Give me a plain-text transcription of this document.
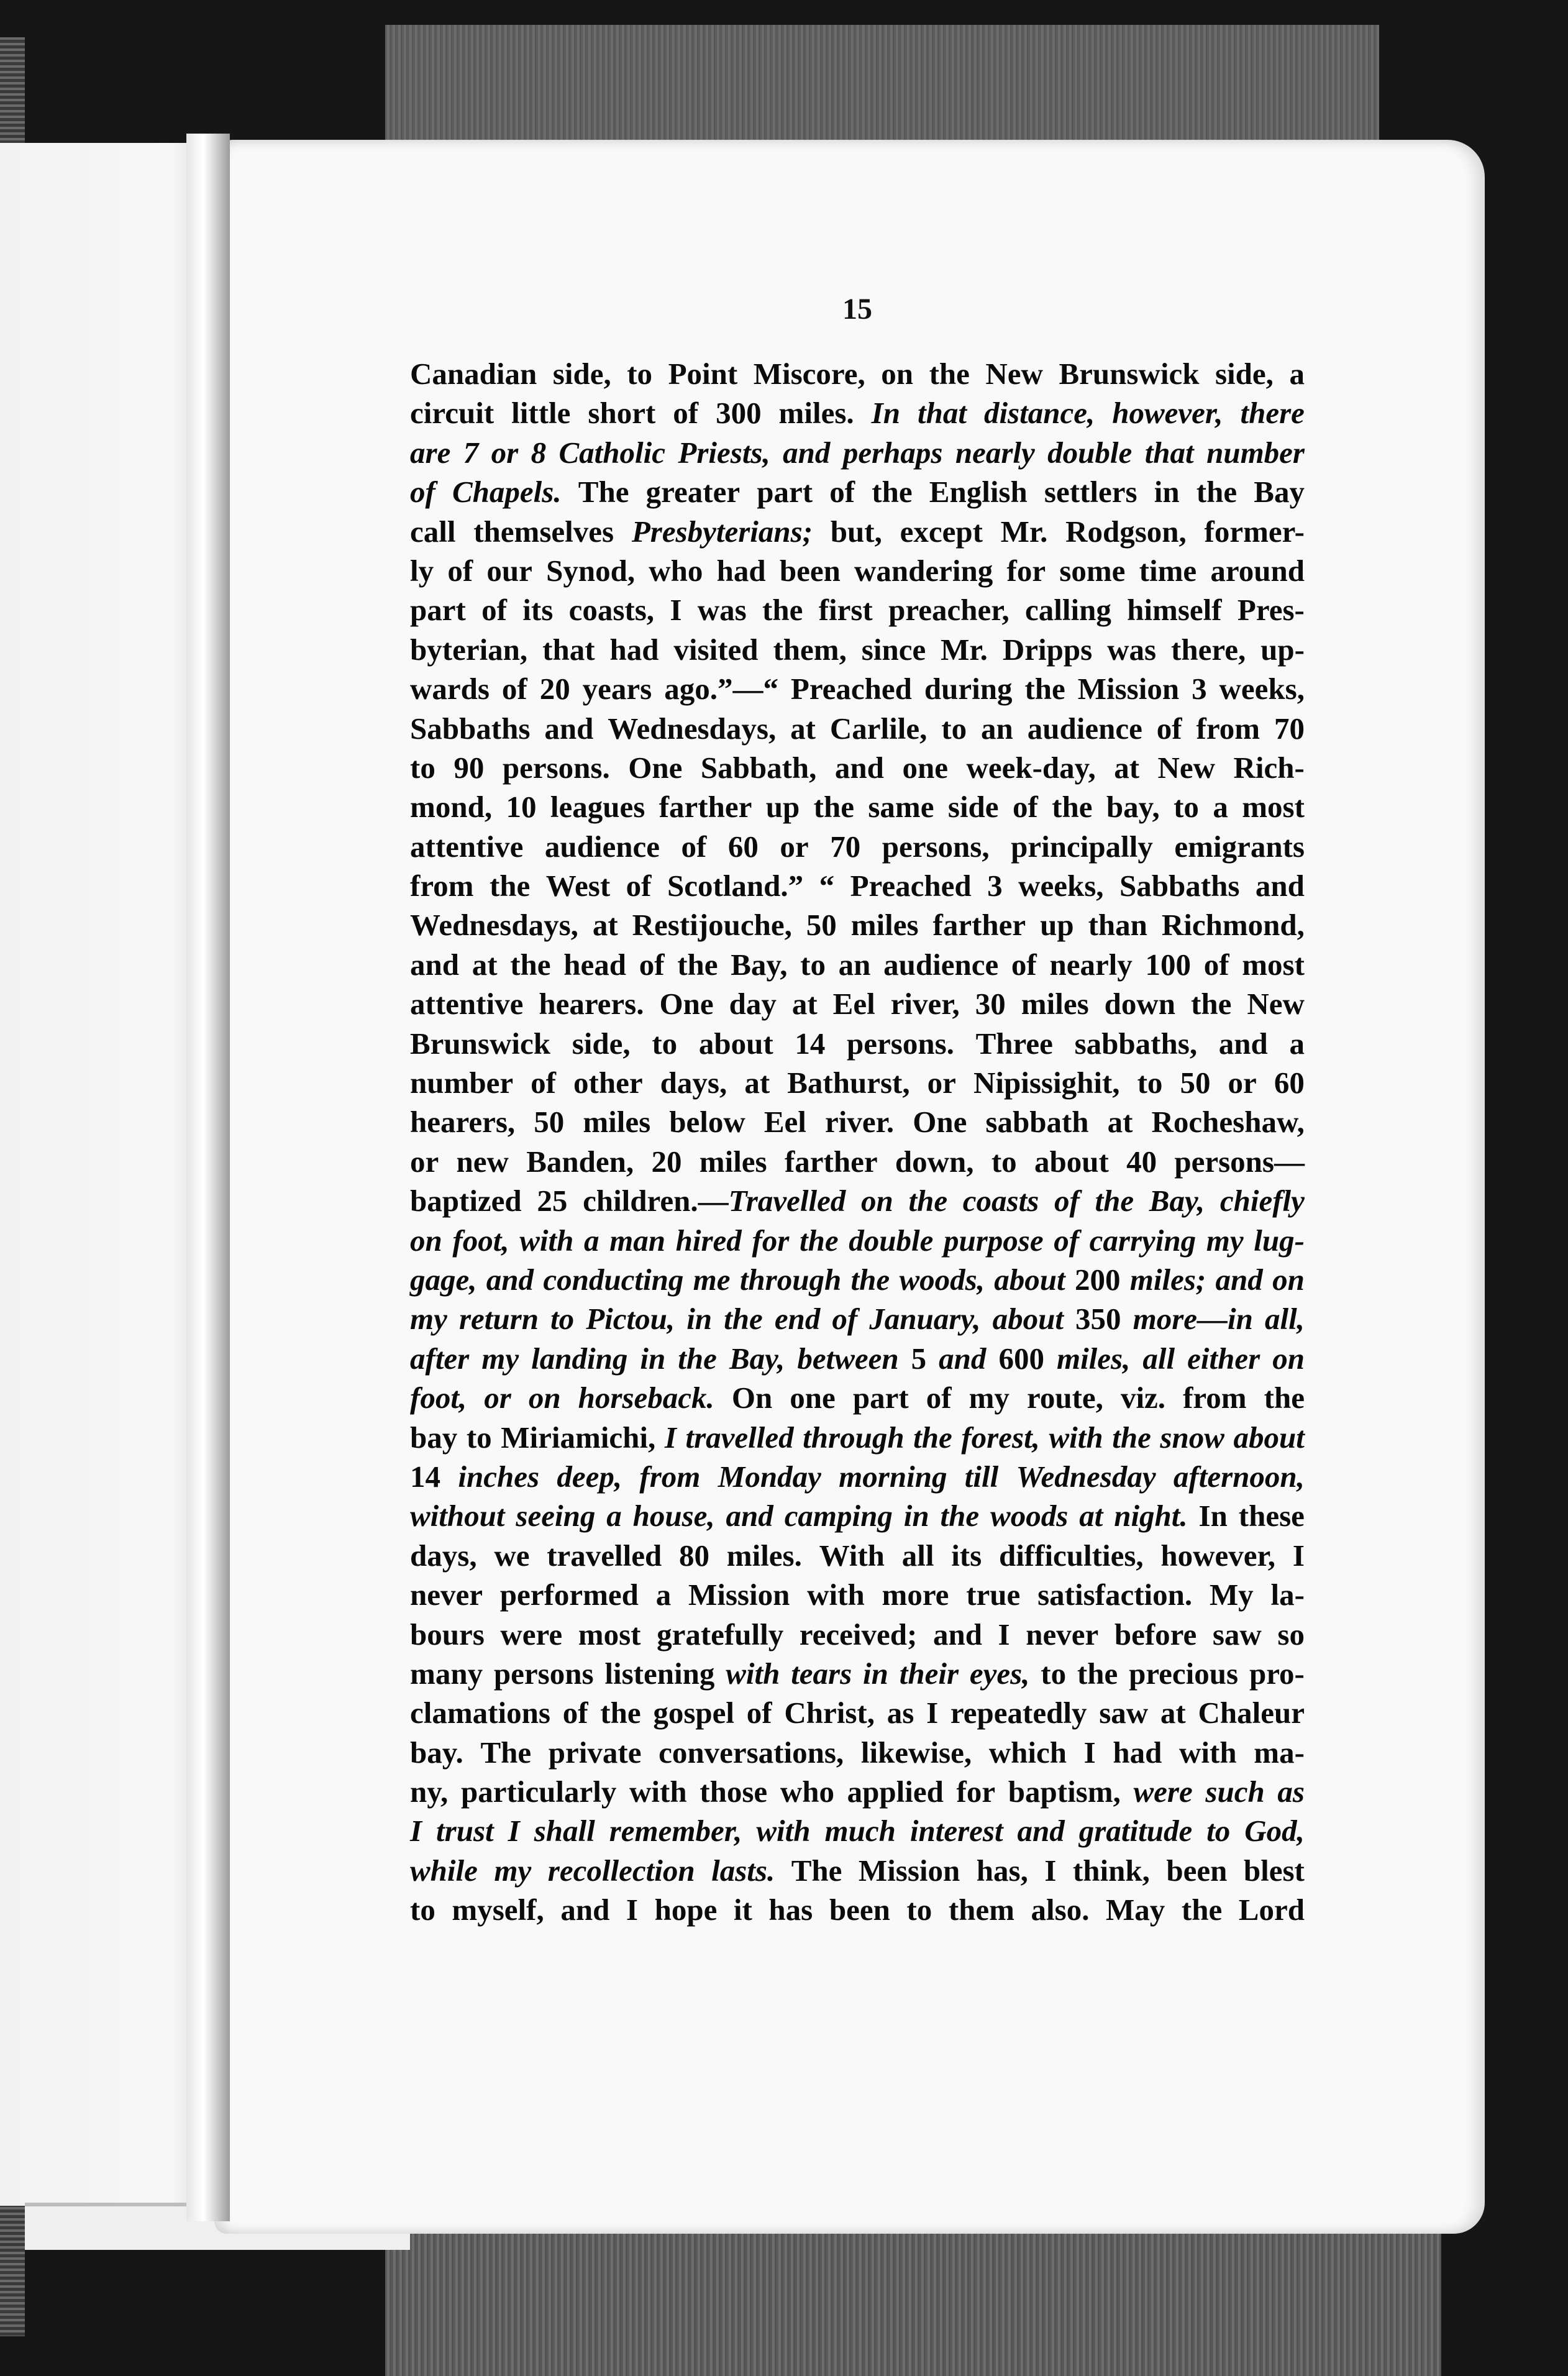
15
Canadian side, to Point Miscore, on the New Brunswick side, a
circuit little short of 300 miles. In that distance, however, there
are 7 or 8 Catholic Priests, and perhaps nearly double that number
of Chapels. The greater part of the English settlers in the Bay
call themselves Presbyterians; but, except Mr. Rodgson, former-
ly of our Synod, who had been wandering for some time around
part of its coasts, I was the first preacher, calling himself Pres-
byterian, that had visited them, since Mr. Dripps was there, up-
wards of 20 years ago.”—“ Preached during the Mission 3 weeks,
Sabbaths and Wednesdays, at Carlile, to an audience of from 70
to 90 persons. One Sabbath, and one week-day, at New Rich-
mond, 10 leagues farther up the same side of the bay, to a most
attentive audience of 60 or 70 persons, principally emigrants
from the West of Scotland.” “ Preached 3 weeks, Sabbaths and
Wednesdays, at Restijouche, 50 miles farther up than Richmond,
and at the head of the Bay, to an audience of nearly 100 of most
attentive hearers. One day at Eel river, 30 miles down the New
Brunswick side, to about 14 persons. Three sabbaths, and a
number of other days, at Bathurst, or Nipissighit, to 50 or 60
hearers, 50 miles below Eel river. One sabbath at Rocheshaw,
or new Banden, 20 miles farther down, to about 40 persons—
baptized 25 children.—Travelled on the coasts of the Bay, chiefly
on foot, with a man hired for the double purpose of carrying my lug-
gage, and conducting me through the woods, about 200 miles; and on
my return to Pictou, in the end of January, about 350 more—in all,
after my landing in the Bay, between 5 and 600 miles, all either on
foot, or on horseback. On one part of my route, viz. from the
bay to Miriamichi, I travelled through the forest, with the snow about
14 inches deep, from Monday morning till Wednesday afternoon,
without seeing a house, and camping in the woods at night. In these
days, we travelled 80 miles. With all its difficulties, however, I
never performed a Mission with more true satisfaction. My la-
bours were most gratefully received; and I never before saw so
many persons listening with tears in their eyes, to the precious pro-
clamations of the gospel of Christ, as I repeatedly saw at Chaleur
bay. The private conversations, likewise, which I had with ma-
ny, particularly with those who applied for baptism, were such as
I trust I shall remember, with much interest and gratitude to God,
while my recollection lasts. The Mission has, I think, been blest
to myself, and I hope it has been to them also. May the Lord
